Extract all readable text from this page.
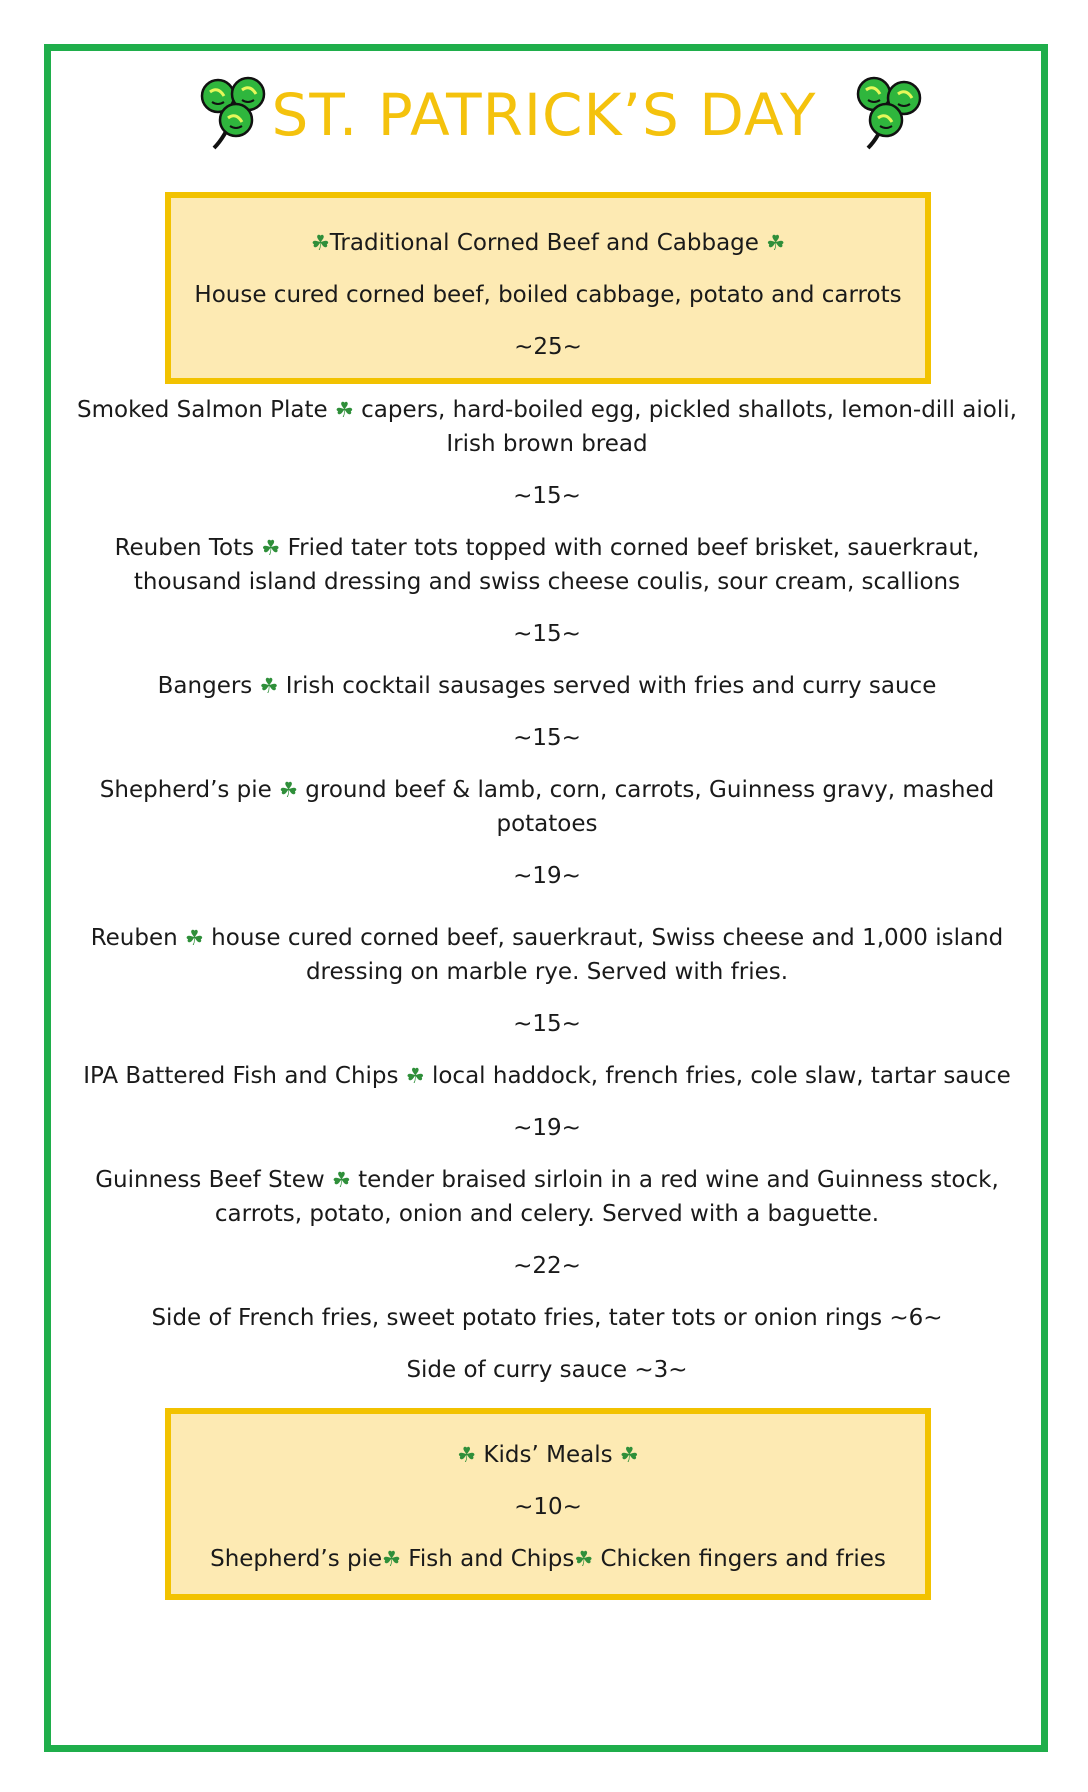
ST. PATRICK’S DAY

☘Traditional Corned Beef and Cabbage ☘

House cured corned beef, boiled cabbage, potato and carrots

~25~

Smoked Salmon Plate ☘ capers, hard-boiled egg, pickled shallots, lemon-dill aioli, Irish brown bread
~15~
Reuben Tots ☘ Fried tater tots topped with corned beef brisket, sauerkraut, thousand island dressing and swiss cheese coulis, sour cream, scallions
~15~
Bangers ☘ Irish cocktail sausages served with fries and curry sauce
~15~
Shepherd’s pie ☘ ground beef & lamb, corn, carrots, Guinness gravy, mashed potatoes
~19~
Reuben ☘ house cured corned beef, sauerkraut, Swiss cheese and 1,000 island dressing on marble rye. Served with fries.
~15~
IPA Battered Fish and Chips ☘ local haddock, french fries, cole slaw, tartar sauce
~19~
Guinness Beef Stew ☘ tender braised sirloin in a red wine and Guinness stock, carrots, potato, onion and celery. Served with a baguette.
~22~
Side of French fries, sweet potato fries, tater tots or onion rings ~6~
Side of curry sauce ~3~

☘ Kids’ Meals ☘

~10~

Shepherd’s pie☘ Fish and Chips☘ Chicken fingers and fries
